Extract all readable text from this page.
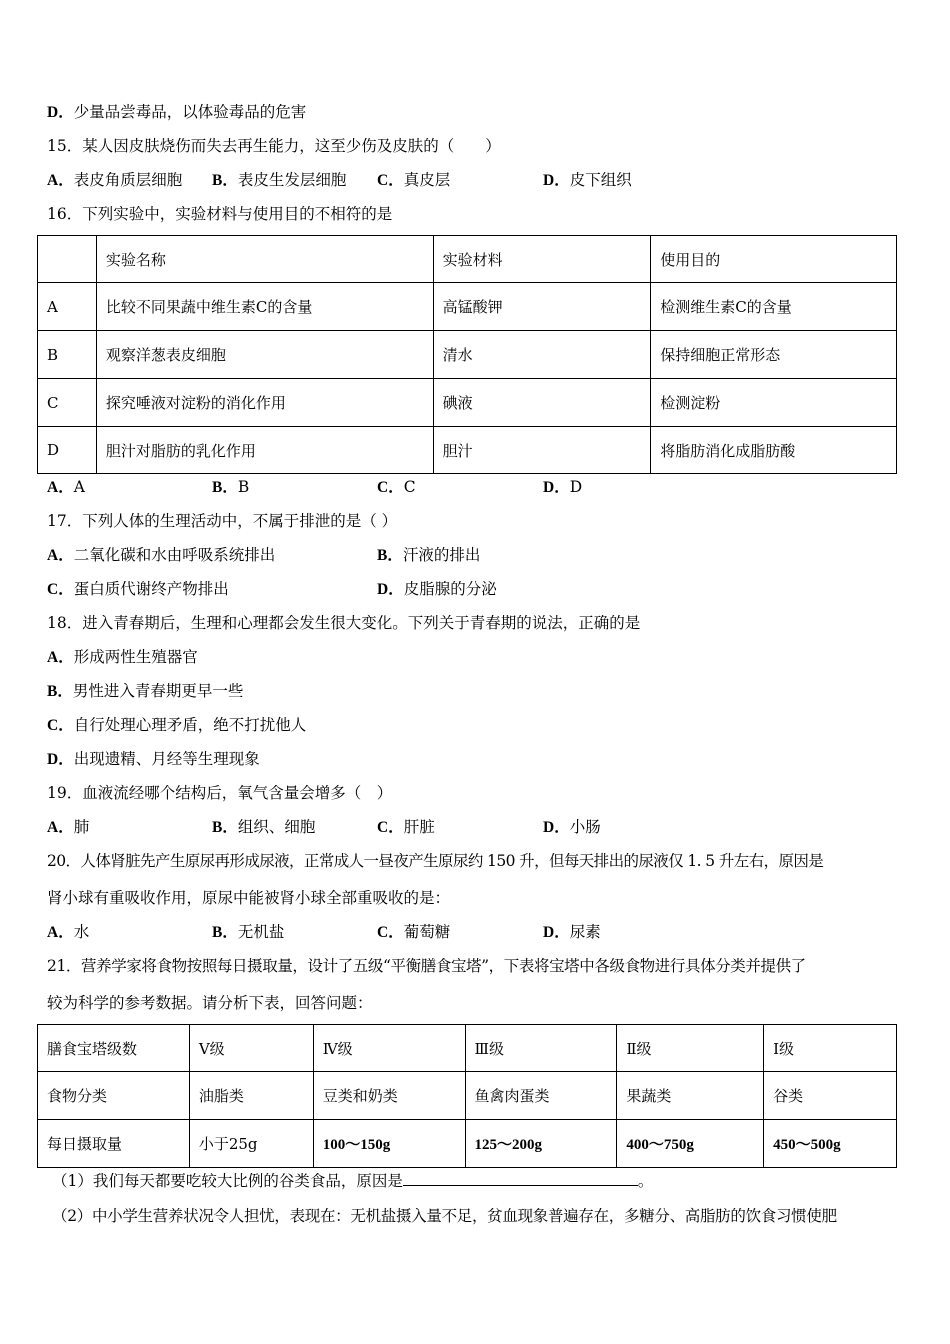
D．少量品尝毒品，以体验毒品的危害
15．某人因皮肤烧伤而失去再生能力，这至少伤及皮肤的（　　）
A．表皮角质层细胞 B．表皮生发层细胞 C．真皮层	D．皮下组织
16．下列实验中，实验材料与使用目的不相符的是
	实验名称	实验材料	使用目的
A	比较不同果蔬中维生素C的含量	高锰酸钾	检测维生素C的含量
B	观察洋葱表皮细胞	清水	保持细胞正常形态
C	探究唾液对淀粉的消化作用	碘液	检测淀粉
D	胆汁对脂肪的乳化作用	胆汁	将脂肪消化成脂肪酸
A．A	B．B	C．C	D．D
17．下列人体的生理活动中，不属于排泄的是（ ）
A．二氧化碳和水由呼吸系统排出	B．汗液的排出
C．蛋白质代谢终产物排出	D．皮脂腺的分泌
18．进入青春期后，生理和心理都会发生很大变化。下列关于青春期的说法，正确的是
A．形成两性生殖器官
B．男性进入青春期更早一些
C．自行处理心理矛盾，绝不打扰他人
D．出现遗精、月经等生理现象
19．血液流经哪个结构后，氧气含量会增多（　）
A．肺	B．组织、细胞	C．肝脏	D．小肠
20．人体肾脏先产生原尿再形成尿液，正常成人一昼夜产生原尿约 150 升，但每天排出的尿液仅 1. 5 升左右，原因是
肾小球有重吸收作用，原尿中能被肾小球全部重吸收的是：
A．水	B．无机盐	C．葡萄糖	D．尿素
21．营养学家将食物按照每日摄取量，设计了五级“平衡膳食宝塔”，下表将宝塔中各级食物进行具体分类并提供了
较为科学的参考数据。请分析下表，回答问题：
膳食宝塔级数	Ⅴ级	Ⅳ级	Ⅲ级	Ⅱ级	Ⅰ级
食物分类	油脂类	豆类和奶类	鱼禽肉蛋类	果蔬类	谷类
每日摄取量	小于25g	100～150g	125～200g	400～750g	450～500g
（1）我们每天都要吃较大比例的谷类食品，原因是	。
（2）中小学生营养状况令人担忧，表现在：无机盐摄入量不足，贫血现象普遍存在，多糖分、高脂肪的饮食习惯使肥
